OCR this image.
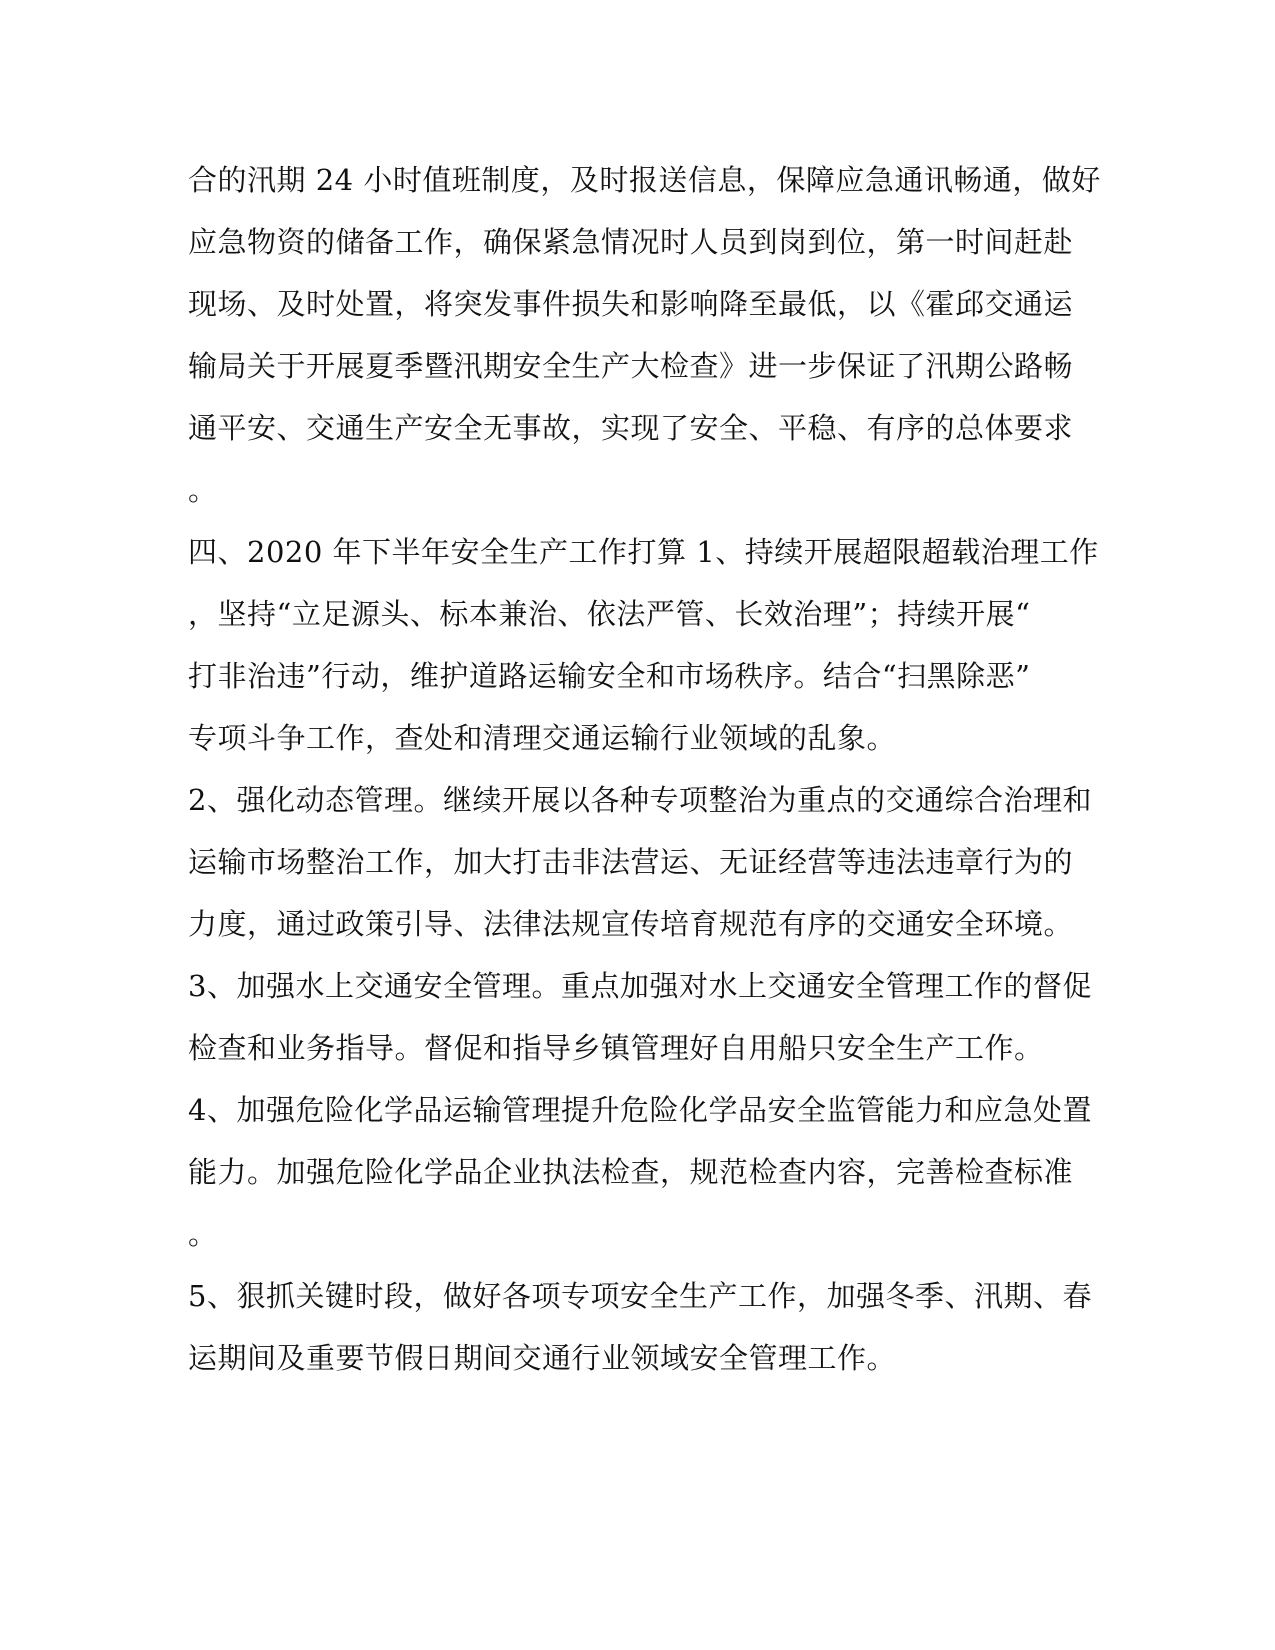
合的汛期 24 小时值班制度，及时报送信息，保障应急通讯畅通，做好
应急物资的储备工作，确保紧急情况时人员到岗到位，第一时间赶赴
现场、及时处置，将突发事件损失和影响降至最低，以《霍邱交通运
输局关于开展夏季暨汛期安全生产大检查》进一步保证了汛期公路畅
通平安、交通生产安全无事故，实现了安全、平稳、有序的总体要求
。
四、2020 年下半年安全生产工作打算 1、持续开展超限超载治理工作
，坚持“立足源头、标本兼治、依法严管、长效治理”；持续开展“
打非治违”行动，维护道路运输安全和市场秩序。结合“扫黑除恶”
专项斗争工作，查处和清理交通运输行业领域的乱象。
2、强化动态管理。继续开展以各种专项整治为重点的交通综合治理和
运输市场整治工作，加大打击非法营运、无证经营等违法违章行为的
力度，通过政策引导、法律法规宣传培育规范有序的交通安全环境。
3、加强水上交通安全管理。重点加强对水上交通安全管理工作的督促
检查和业务指导。督促和指导乡镇管理好自用船只安全生产工作。
4、加强危险化学品运输管理提升危险化学品安全监管能力和应急处置
能力。加强危险化学品企业执法检查，规范检查内容，完善检查标准
。
5、狠抓关键时段，做好各项专项安全生产工作，加强冬季、汛期、春
运期间及重要节假日期间交通行业领域安全管理工作。
